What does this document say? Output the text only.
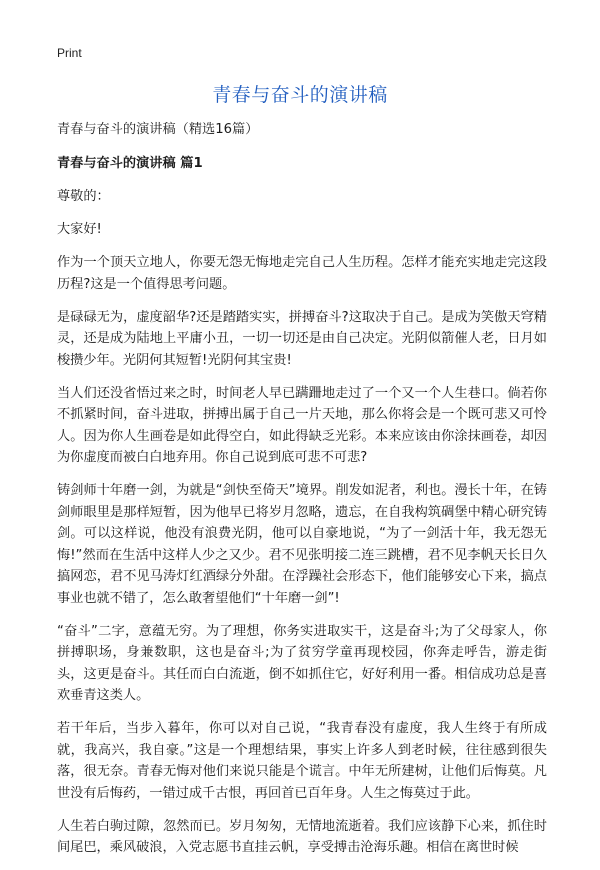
Print
青春与奋斗的演讲稿

青春与奋斗的演讲稿（精选16篇）

青春与奋斗的演讲稿 篇1

尊敬的：

大家好!

作为一个顶天立地人，你要无怨无悔地走完自己人生历程。怎样才能充实地走完这段历程?这是一个值得思考问题。

是碌碌无为，虚度韶华?还是踏踏实实，拼搏奋斗?这取决于自己。是成为笑傲天穹精灵，还是成为陆地上平庸小丑，一切一切还是由自己决定。光阴似箭催人老，日月如梭攒少年。光阴何其短暂!光阴何其宝贵!

当人们还没省悟过来之时，时间老人早已蹒跚地走过了一个又一个人生巷口。倘若你不抓紧时间，奋斗进取，拼搏出属于自己一片天地，那么你将会是一个既可悲又可怜人。因为你人生画卷是如此得空白，如此得缺乏光彩。本来应该由你涂抹画卷，却因为你虚度而被白白地弃用。你自己说到底可悲不可悲?

铸剑师十年磨一剑，为就是“剑快至倚天”境界。削发如泥者，利也。漫长十年，在铸剑师眼里是那样短暂，因为他早已将岁月忽略，遗忘，在自我构筑碉堡中精心研究铸剑。可以这样说，他没有浪费光阴，他可以自豪地说，“为了一剑活十年，我无怨无悔!”然而在生活中这样人少之又少。君不见张明接二连三跳槽，君不见李帆天长日久搞网恋，君不见马涛灯红酒绿分外甜。在浮躁社会形态下，他们能够安心下来，搞点事业也就不错了，怎么敢奢望他们“十年磨一剑”!

“奋斗”二字，意蕴无穷。为了理想，你务实进取实干，这是奋斗;为了父母家人，你拼搏职场，身兼数职，这也是奋斗;为了贫穷学童再现校园，你奔走呼告，游走街头，这更是奋斗。其任而白白流逝，倒不如抓住它，好好利用一番。相信成功总是喜欢垂青这类人。

若干年后，当步入暮年，你可以对自己说，“我青春没有虚度，我人生终于有所成就，我高兴，我自豪。”这是一个理想结果，事实上许多人到老时候，往往感到很失落，很无奈。青春无悔对他们来说只能是个谎言。中年无所建树，让他们后悔莫。凡世没有后悔药，一错过成千古恨，再回首已百年身。人生之悔莫过于此。

人生若白驹过隙，忽然而已。岁月匆匆，无情地流逝着。我们应该静下心来，抓住时间尾巴，乘风破浪，入党志愿书直挂云帆，享受搏击沧海乐趣。相信在离世时候
